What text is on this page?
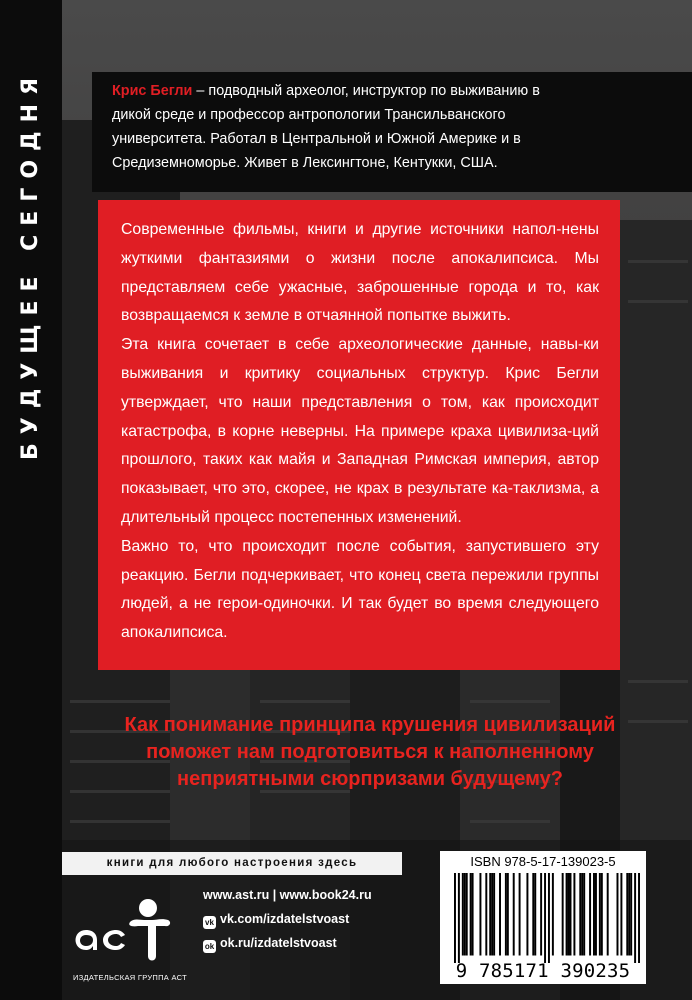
БУДУЩЕЕ СЕГОДНЯ	Крис Бегли – подводный археолог, инструктор по выживанию в дикой среде и профессор антропологии Трансильванского университета. Работал в Центральной и Южной Америке и в Средиземноморье. Живет в Лексингтоне, Кентукки, США.

Современные фильмы, книги и другие источники напол-нены жуткими фантазиями о жизни после апокалипсиса. Мы представляем себе ужасные, заброшенные города и то, как возвращаемся к земле в отчаянной попытке выжить.

Эта книга сочетает в себе археологические данные, навы-ки выживания и критику социальных структур. Крис Бегли утверждает, что наши представления о том, как происходит катастрофа, в корне неверны. На примере краха цивилиза-ций прошлого, таких как майя и Западная Римская империя, автор показывает, что это, скорее, не крах в результате ка-таклизма, а длительный процесс постепенных изменений.

Важно то, что происходит после события, запустившего эту реакцию. Бегли подчеркивает, что конец света пережили группы людей, а не герои-одиночки. И так будет во время следующего апокалипсиса.

Как понимание принципа крушения цивилизаций поможет нам подготовиться к наполненному неприятными сюрпризами будущему?
книги для любого настроения здесь
аст
ИЗДАТЕЛЬСКАЯ ГРУППА АСТ
www.ast.ru | www.book24.ru
vk vk.com/izdatelstvoast
ok ok.ru/izdatelstvoast
ISBN 978-5-17-139023-5
9 785171 390235
